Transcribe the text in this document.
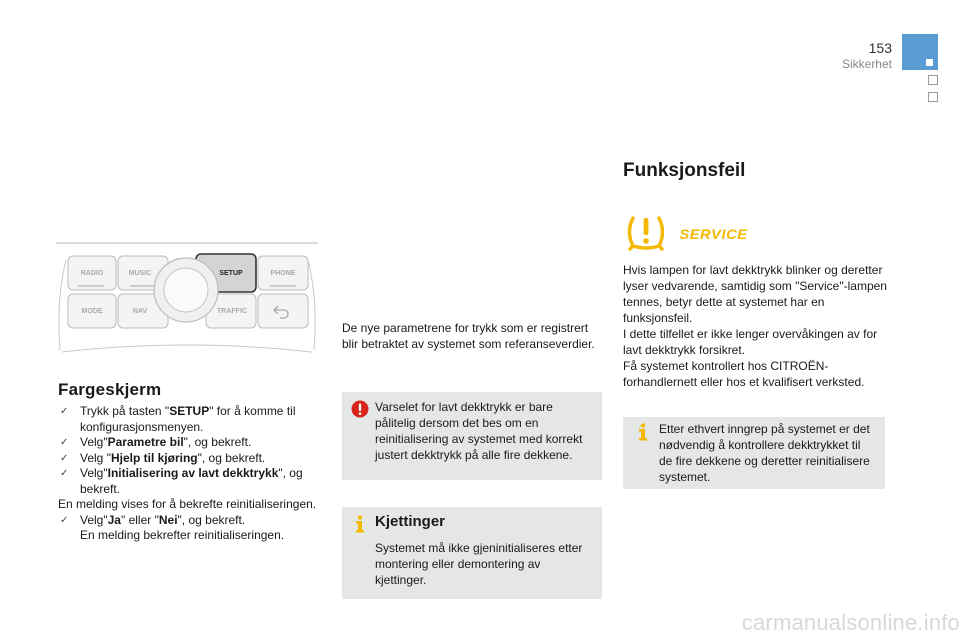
153
Sikkerhet
RADIO	MUSIC	SETUP	PHONE
MODE	NAV	TRAFFIC
Fargeskjerm
✓ Trykk på tasten "SETUP" for å komme til konfigurasjonsmenyen.
✓ Velg"Parametre bil", og bekreft.
✓ Velg "Hjelp til kjøring", og bekreft.
✓ Velg"Initialisering av lavt dekktrykk", og bekreft.
En melding vises for å bekrefte reinitialiseringen.
✓ Velg"Ja" eller "Nei", og bekreft.
En melding bekrefter reinitialiseringen.
De nye parametrene for trykk som er registrert blir betraktet av systemet som referanseverdier.
Varselet for lavt dekktrykk er bare pålitelig dersom det bes om en reinitialisering av systemet med korrekt justert dekktrykk på alle fire dekkene.
Kjettinger

Systemet må ikke gjeninitialiseres etter montering eller demontering av kjettinger.

Funksjonsfeil
SERVICE
Hvis lampen for lavt dekktrykk blinker og deretter lyser vedvarende, samtidig som "Service"-lampen tennes, betyr dette at systemet har en funksjonsfeil.
I dette tilfellet er ikke lenger overvåkingen av for lavt dekktrykk forsikret.
Få systemet kontrollert hos CITROËN-forhandlernett eller hos et kvalifisert verksted.
Etter ethvert inngrep på systemet er det nødvendig å kontrollere dekktrykket til de fire dekkene og deretter reinitialisere systemet.
carmanualsonline.info
